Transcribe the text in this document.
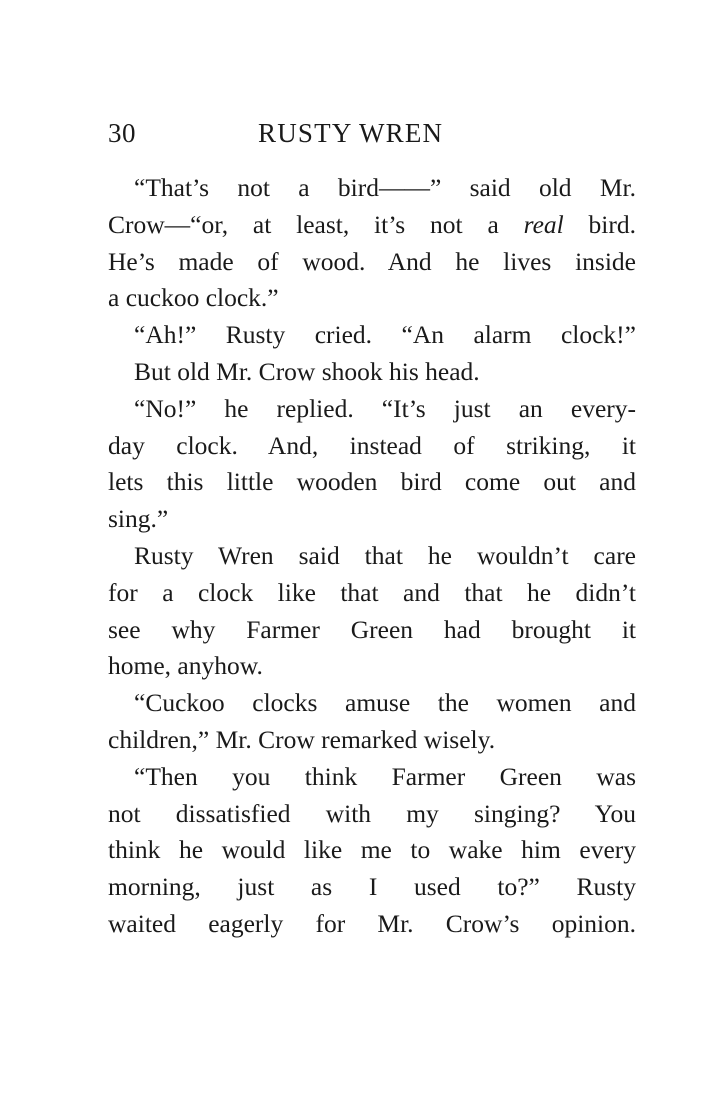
30	RUSTY WREN
“That’s not a bird——” said old Mr.
Crow—“or, at least, it’s not a real bird.
He’s made of wood. And he lives inside
a cuckoo clock.”
“Ah!” Rusty cried. “An alarm clock!”
But old Mr. Crow shook his head.
“No!” he replied. “It’s just an every-
day clock. And, instead of striking, it
lets this little wooden bird come out and
sing.”
Rusty Wren said that he wouldn’t care
for a clock like that and that he didn’t
see why Farmer Green had brought it
home, anyhow.
“Cuckoo clocks amuse the women and
children,” Mr. Crow remarked wisely.
“Then you think Farmer Green was
not dissatisfied with my singing? You
think he would like me to wake him every
morning, just as I used to?” Rusty
waited eagerly for Mr. Crow’s opinion.
